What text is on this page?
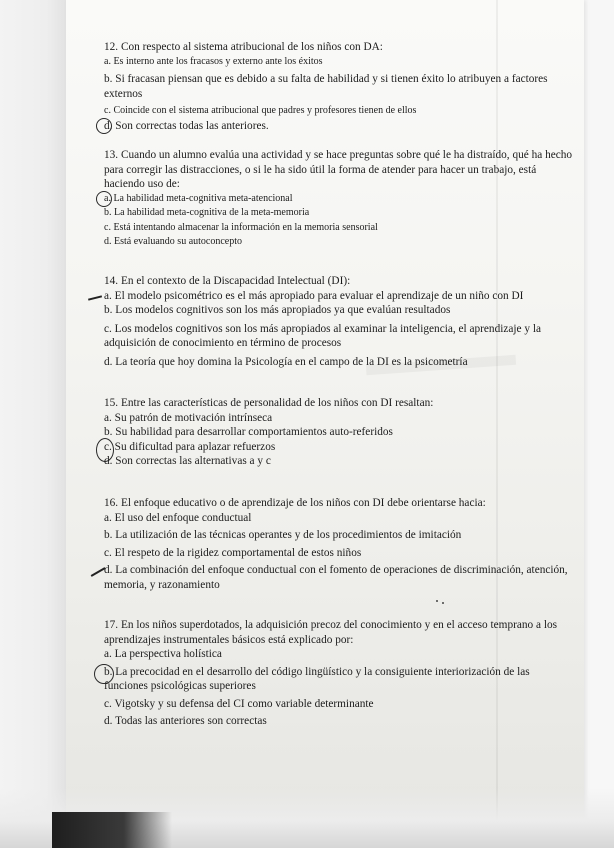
12. Con respecto al sistema atribucional de los niños con DA:

a. Es interno ante los fracasos y externo ante los éxitos

b. Si fracasan piensan que es debido a su falta de habilidad y si tienen éxito lo atribuyen a factores externos

c. Coincide con el sistema atribucional que padres y profesores tienen de ellos

d. Son correctas todas las anteriores.

13. Cuando un alumno evalúa una actividad y se hace preguntas sobre qué le ha distraído, qué ha hecho para corregir las distracciones, o si le ha sido útil la forma de atender para hacer un trabajo, está haciendo uso de:

a. La habilidad meta-cognitiva meta-atencional

b. La habilidad meta-cognitiva de la meta-memoria

c. Está intentando almacenar la información en la memoria sensorial

d. Está evaluando su autoconcepto

14. En el contexto de la Discapacidad Intelectual (DI):

a. El modelo psicométrico es el más apropiado para evaluar el aprendizaje de un niño con DI

b. Los modelos cognitivos son los más apropiados ya que evalúan resultados

c. Los modelos cognitivos son los más apropiados al examinar la inteligencia, el aprendizaje y la adquisición de conocimiento en término de procesos

d. La teoría que hoy domina la Psicología en el campo de la DI es la psicometría

15. Entre las características de personalidad de los niños con DI resaltan:

a. Su patrón de motivación intrínseca

b. Su habilidad para desarrollar comportamientos auto-referidos

c. Su dificultad para aplazar refuerzos

d. Son correctas las alternativas a y c

16. El enfoque educativo o de aprendizaje de los niños con DI debe orientarse hacia:

a. El uso del enfoque conductual

b. La utilización de las técnicas operantes y de los procedimientos de imitación

c. El respeto de la rigidez comportamental de estos niños

d. La combinación del enfoque conductual con el fomento de operaciones de discriminación, atención, memoria, y razonamiento

17. En los niños superdotados, la adquisición precoz del conocimiento y en el acceso temprano a los aprendizajes instrumentales básicos está explicado por:

a. La perspectiva holística

b. La precocidad en el desarrollo del código lingüístico y la consiguiente interiorización de las funciones psicológicas superiores

c. Vigotsky y su defensa del CI como variable determinante

d. Todas las anteriores son correctas
